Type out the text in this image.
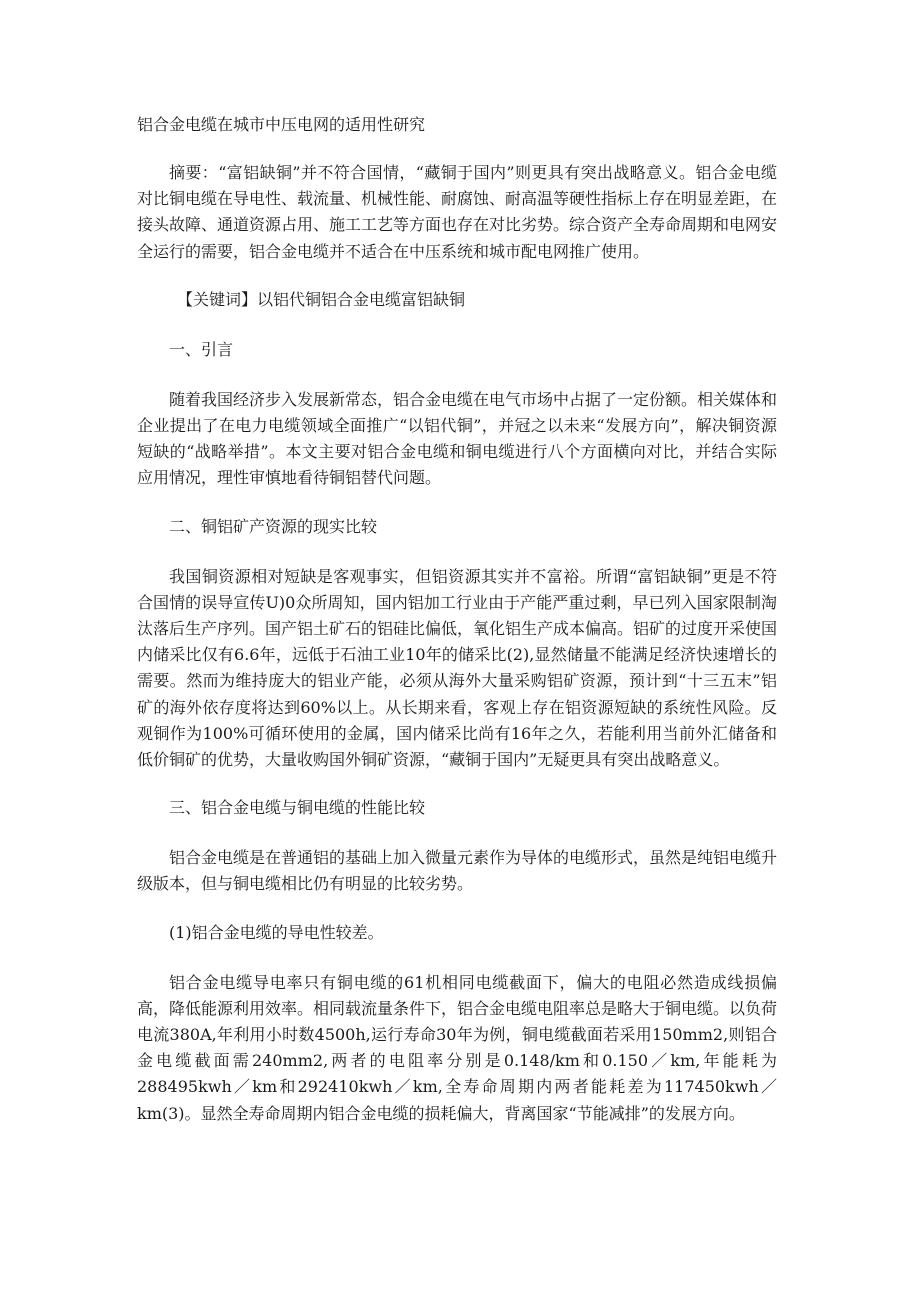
铝合金电缆在城市中压电网的适用性研究
摘要：“富铝缺铜”并不符合国情，“藏铜于国内”则更具有突出战略意义。铝合金电缆对比铜电缆在导电性、载流量、机械性能、耐腐蚀、耐高温等硬性指标上存在明显差距，在接头故障、通道资源占用、施工工艺等方面也存在对比劣势。综合资产全寿命周期和电网安全运行的需要，铝合金电缆并不适合在中压系统和城市配电网推广使用。
【关键词】以铝代铜铝合金电缆富铝缺铜
一、引言
随着我国经济步入发展新常态，铝合金电缆在电气市场中占据了一定份额。相关媒体和企业提出了在电力电缆领域全面推广“以铝代铜”，并冠之以未来“发展方向”，解决铜资源短缺的“战略举措”。本文主要对铝合金电缆和铜电缆进行八个方面横向对比，并结合实际应用情况，理性审慎地看待铜铝替代问题。
二、铜铝矿产资源的现实比较
我国铜资源相对短缺是客观事实，但铝资源其实并不富裕。所谓“富铝缺铜”更是不符合国情的误导宣传U)0众所周知，国内铝加工行业由于产能严重过剩，早已列入国家限制淘汰落后生产序列。国产铝土矿石的铝硅比偏低，氧化铝生产成本偏高。铝矿的过度开采使国内储采比仅有6.6年，远低于石油工业10年的储采比(2),显然储量不能满足经济快速增长的需要。然而为维持庞大的铝业产能，必须从海外大量采购铝矿资源，预计到“十三五末”铝矿的海外依存度将达到60%以上。从长期来看，客观上存在铝资源短缺的系统性风险。反观铜作为100%可循环使用的金属，国内储采比尚有16年之久，若能利用当前外汇储备和低价铜矿的优势，大量收购国外铜矿资源，“藏铜于国内”无疑更具有突出战略意义。
三、铝合金电缆与铜电缆的性能比较
铝合金电缆是在普通铝的基础上加入微量元素作为导体的电缆形式，虽然是纯铝电缆升级版本，但与铜电缆相比仍有明显的比较劣势。
(1)铝合金电缆的导电性较差。
铝合金电缆导电率只有铜电缆的61机相同电缆截面下，偏大的电阻必然造成线损偏高，降低能源利用效率。相同载流量条件下，铝合金电缆电阻率总是略大于铜电缆。以负荷电流380A,年利用小时数4500h,运行寿命30年为例，铜电缆截面若采用150mm2,则铝合金电缆截面需240mm2,两者的电阻率分别是0.148/km和0.150／km,年能耗为288495kwh／km和292410kwh／km,全寿命周期内两者能耗差为117450kwh／km(3)。显然全寿命周期内铝合金电缆的损耗偏大，背离国家“节能减排”的发展方向。
